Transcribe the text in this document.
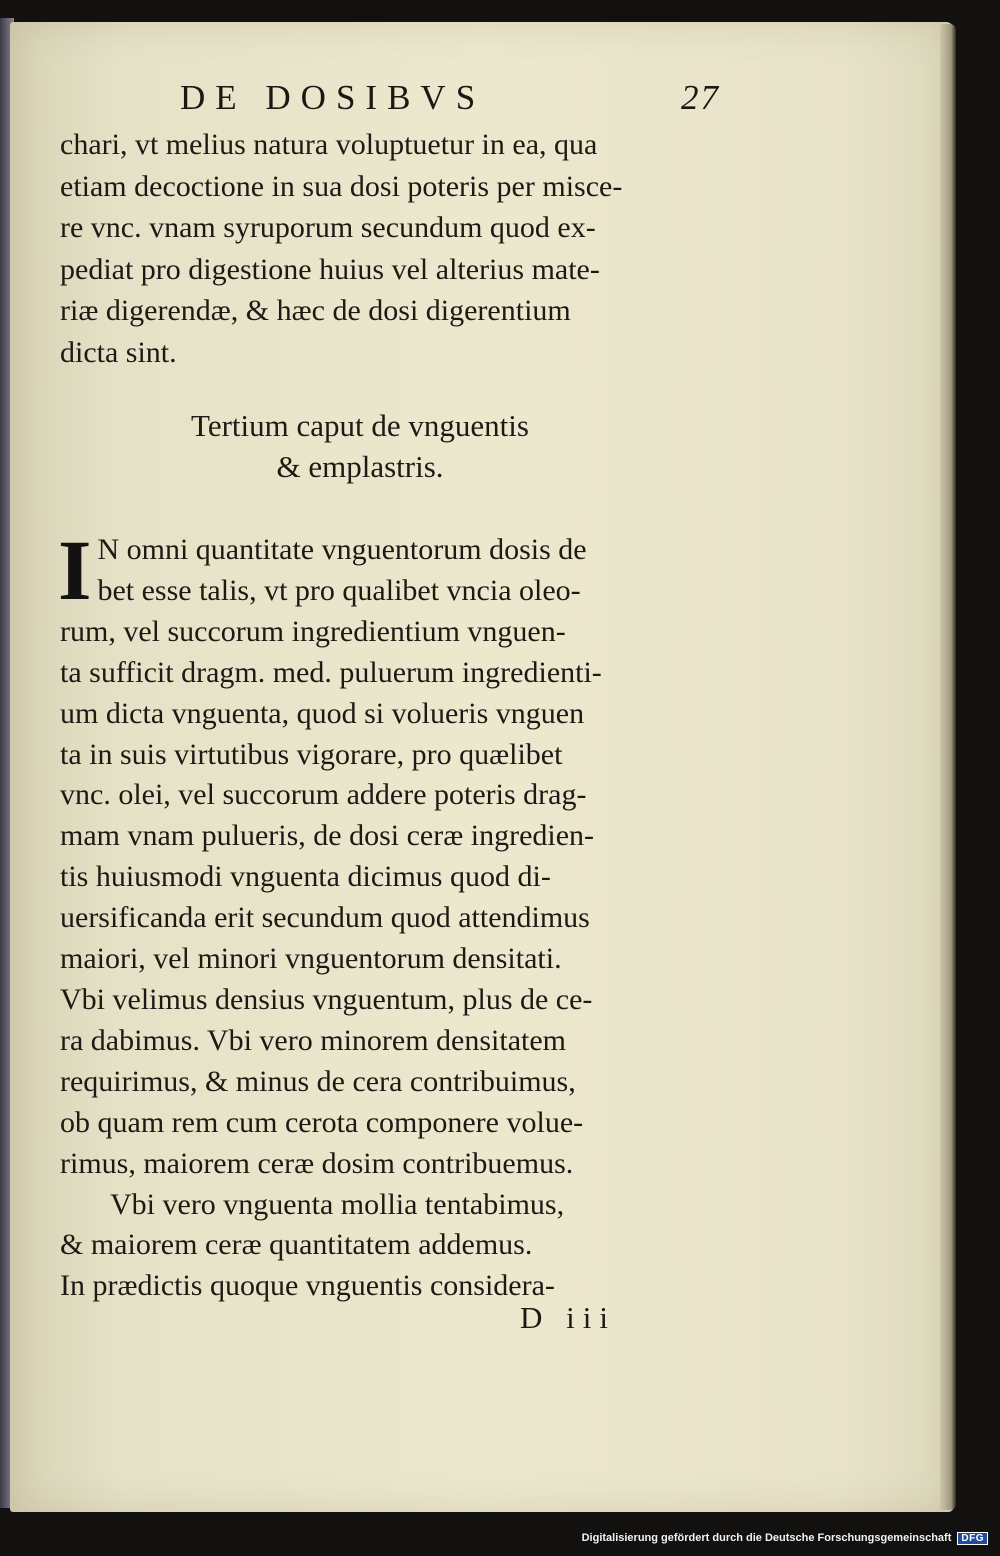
DE DOSIBVS	27
chari, vt melius natura voluptuetur in ea, qua
etiam decoctione in sua dosi poteris per misce-
re vnc. vnam syruporum secundum quod ex-
pediat pro digestione huius vel alterius mate-
riæ digerendæ, & hæc de dosi digerentium
dicta sint.
Tertium caput de vnguentis
& emplastris.
I N omni quantitate vnguentorum dosis de
bet esse talis, vt pro qualibet vncia oleo-
rum, vel succorum ingredientium vnguen-
ta sufficit dragm. med. puluerum ingredienti-
um dicta vnguenta, quod si volueris vnguen
ta in suis virtutibus vigorare, pro quælibet
vnc. olei, vel succorum addere poteris drag-
mam vnam pulueris, de dosi ceræ ingredien-
tis huiusmodi vnguenta dicimus quod di-
uersificanda erit secundum quod attendimus
maiori, vel minori vnguentorum densitati.
Vbi velimus densius vnguentum, plus de ce-
ra dabimus. Vbi vero minorem densitatem
requirimus, & minus de cera contribuimus,
ob quam rem cum cerota componere volue-
rimus, maiorem ceræ dosim contribuemus.
Vbi vero vnguenta mollia tentabimus,
& maiorem ceræ quantitatem addemus.
In prædictis quoque vnguentis considera-
D iii
Digitalisierung gefördert durch die Deutsche Forschungsgemeinschaft	DFG
